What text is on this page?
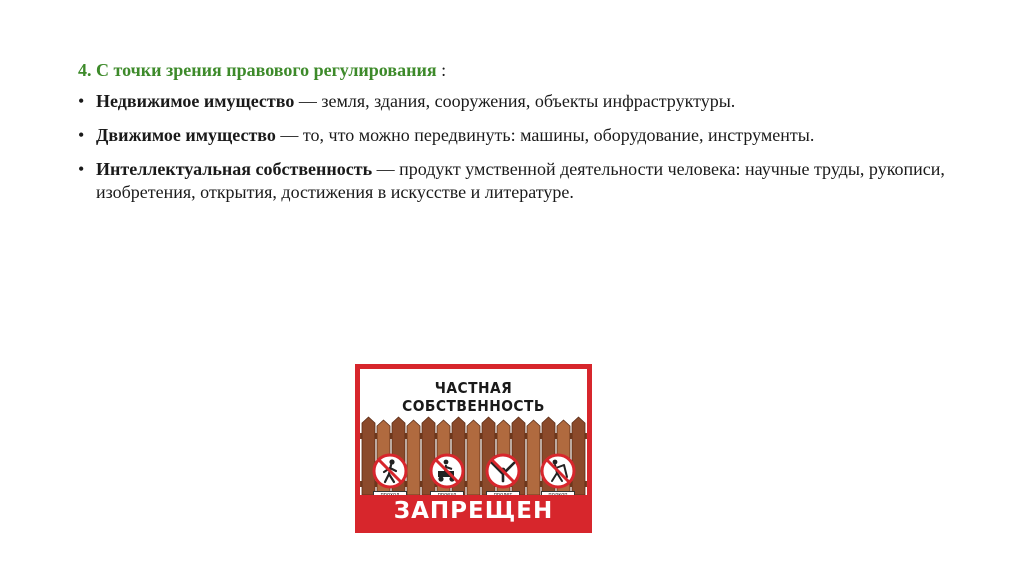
4. С точки зрения правового регулирования :
• Недвижимое имущество — земля, здания, сооружения, объекты инфраструктуры.
• Движимое имущество — то, что можно передвинуть: машины, оборудование, инструменты.
• Интеллектуальная собственность — продукт умственной деятельности человека: научные труды, рукописи, изобретения, открытия, достижения в искусстве и литературе.
ЧАСТНАЯ
СОБСТВЕННОСТЬ
ЗАПРЕЩЕН
